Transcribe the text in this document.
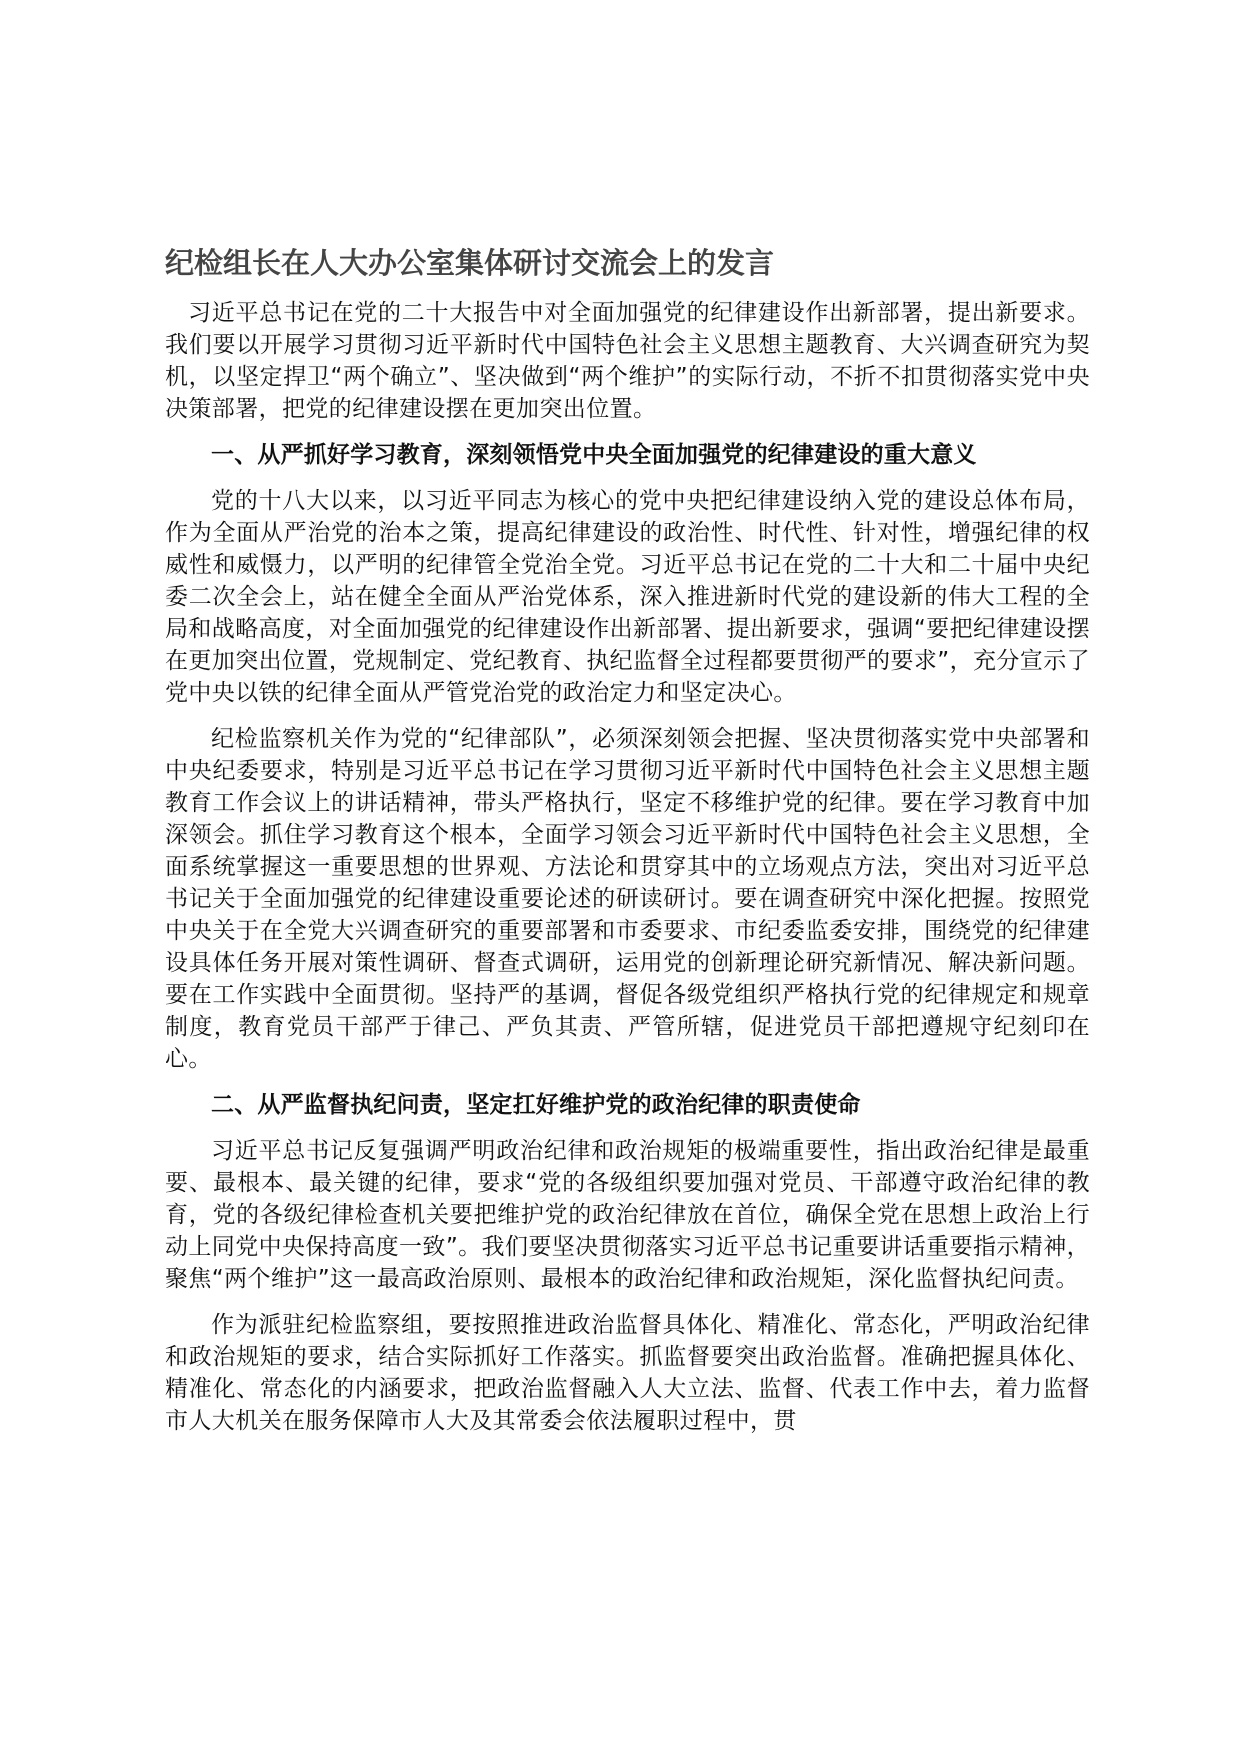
纪检组长在人大办公室集体研讨交流会上的发言

习近平总书记在党的二十大报告中对全面加强党的纪律建设作出新部署，提出新要求。我们要以开展学习贯彻习近平新时代中国特色社会主义思想主题教育、大兴调查研究为契机，以坚定捍卫“两个确立”、坚决做到“两个维护”的实际行动，不折不扣贯彻落实党中央决策部署，把党的纪律建设摆在更加突出位置。

一、从严抓好学习教育，深刻领悟党中央全面加强党的纪律建设的重大意义

党的十八大以来，以习近平同志为核心的党中央把纪律建设纳入党的建设总体布局，作为全面从严治党的治本之策，提高纪律建设的政治性、时代性、针对性，增强纪律的权威性和威慑力，以严明的纪律管全党治全党。习近平总书记在党的二十大和二十届中央纪委二次全会上，站在健全全面从严治党体系，深入推进新时代党的建设新的伟大工程的全局和战略高度，对全面加强党的纪律建设作出新部署、提出新要求，强调“要把纪律建设摆在更加突出位置，党规制定、党纪教育、执纪监督全过程都要贯彻严的要求”，充分宣示了党中央以铁的纪律全面从严管党治党的政治定力和坚定决心。

纪检监察机关作为党的“纪律部队”，必须深刻领会把握、坚决贯彻落实党中央部署和中央纪委要求，特别是习近平总书记在学习贯彻习近平新时代中国特色社会主义思想主题教育工作会议上的讲话精神，带头严格执行，坚定不移维护党的纪律。要在学习教育中加深领会。抓住学习教育这个根本，全面学习领会习近平新时代中国特色社会主义思想，全面系统掌握这一重要思想的世界观、方法论和贯穿其中的立场观点方法，突出对习近平总书记关于全面加强党的纪律建设重要论述的研读研讨。要在调查研究中深化把握。按照党中央关于在全党大兴调查研究的重要部署和市委要求、市纪委监委安排，围绕党的纪律建设具体任务开展对策性调研、督查式调研，运用党的创新理论研究新情况、解决新问题。要在工作实践中全面贯彻。坚持严的基调，督促各级党组织严格执行党的纪律规定和规章制度，教育党员干部严于律己、严负其责、严管所辖，促进党员干部把遵规守纪刻印在心。

二、从严监督执纪问责，坚定扛好维护党的政治纪律的职责使命

习近平总书记反复强调严明政治纪律和政治规矩的极端重要性，指出政治纪律是最重要、最根本、最关键的纪律，要求“党的各级组织要加强对党员、干部遵守政治纪律的教育，党的各级纪律检查机关要把维护党的政治纪律放在首位，确保全党在思想上政治上行动上同党中央保持高度一致”。我们要坚决贯彻落实习近平总书记重要讲话重要指示精神，聚焦“两个维护”这一最高政治原则、最根本的政治纪律和政治规矩，深化监督执纪问责。

作为派驻纪检监察组，要按照推进政治监督具体化、精准化、常态化，严明政治纪律和政治规矩的要求，结合实际抓好工作落实。抓监督要突出政治监督。准确把握具体化、精准化、常态化的内涵要求，把政治监督融入人大立法、监督、代表工作中去，着力监督市人大机关在服务保障市人大及其常委会依法履职过程中，贯
